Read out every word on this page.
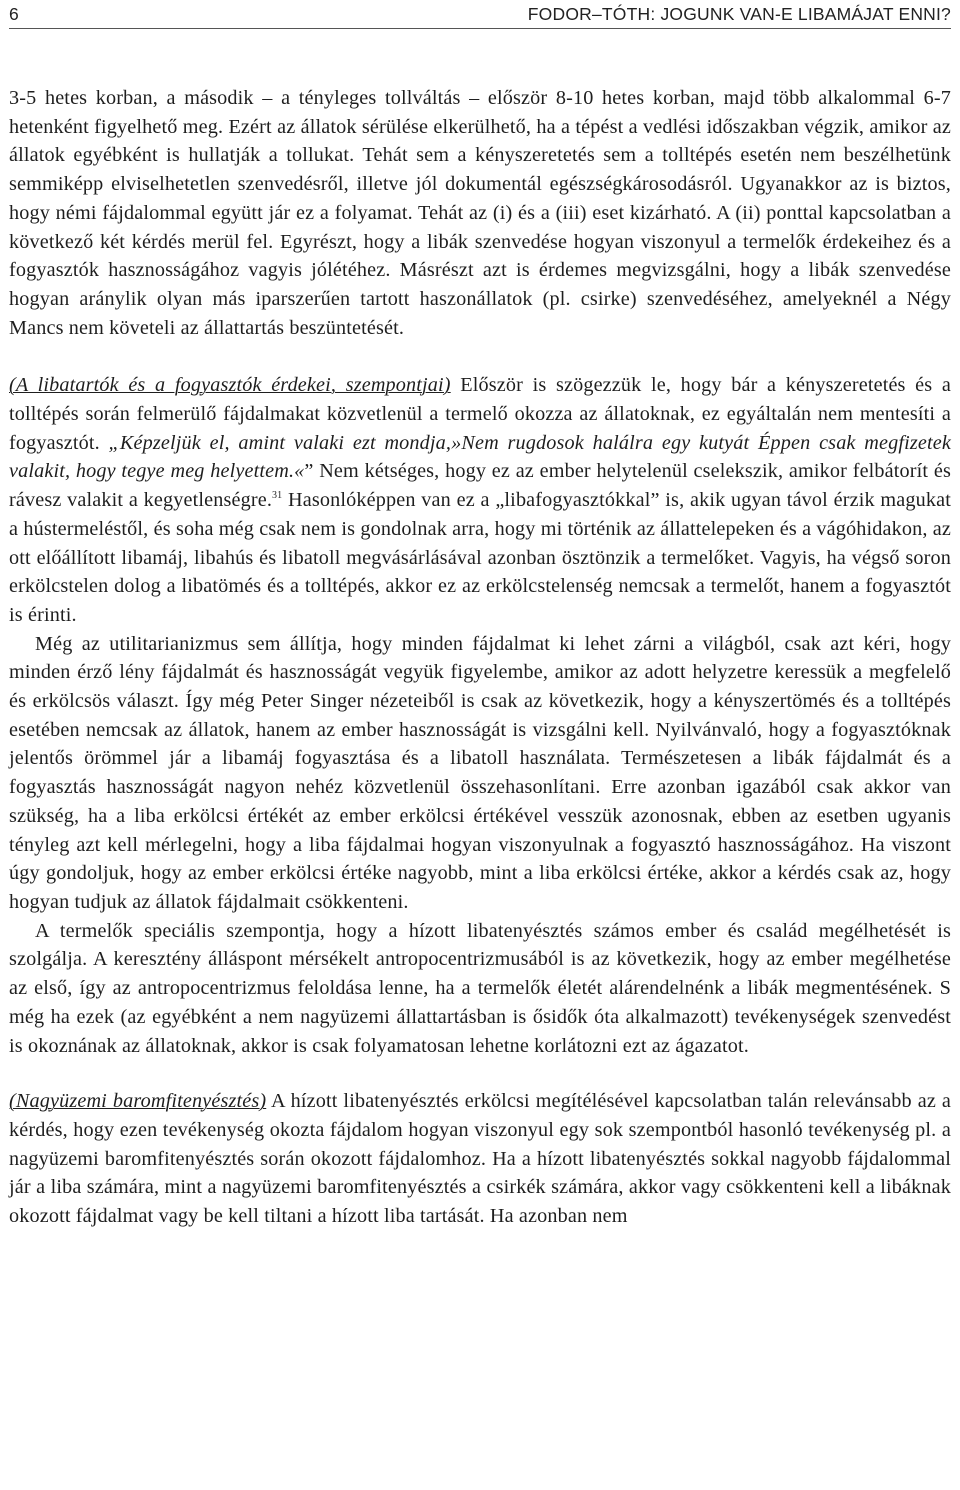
6	FODOR–TÓTH: JOGUNK VAN-E LIBAMÁJAT ENNI?

3-5 hetes korban, a második – a tényleges tollváltás – először 8-10 hetes korban, majd több alkalommal 6-7 hetenként figyelhető meg. Ezért az állatok sérülése elkerülhető, ha a tépést a vedlési időszakban végzik, amikor az állatok egyébként is hullatják a tollukat. Tehát sem a kényszeretetés sem a tolltépés esetén nem beszélhetünk semmiképp elviselhetetlen szenvedésről, illetve jól dokumentál egészségkárosodásról. Ugyanakkor az is biztos, hogy némi fájdalommal együtt jár ez a folyamat. Tehát az (i) és a (iii) eset kizárható. A (ii) ponttal kapcsolatban a következő két kérdés merül fel. Egyrészt, hogy a libák szenvedése hogyan viszonyul a termelők érdekeihez és a fogyasztók hasznosságához vagyis jólétéhez. Másrészt azt is érdemes megvizsgálni, hogy a libák szenvedése hogyan aránylik olyan más iparszerűen tartott haszonállatok (pl. csirke) szenvedéséhez, amelyeknél a Négy Mancs nem követeli az állattartás beszüntetését.

(A libatartók és a fogyasztók érdekei, szempontjai) Először is szögezzük le, hogy bár a kényszeretetés és a tolltépés során felmerülő fájdalmakat közvetlenül a termelő okozza az állatoknak, ez egyáltalán nem mentesíti a fogyasztót. „Képzeljük el, amint valaki ezt mondja,»Nem rugdosok halálra egy kutyát Éppen csak megfizetek valakit, hogy tegye meg helyettem.«” Nem kétséges, hogy ez az ember helytelenül cselekszik, amikor felbátorít és rávesz valakit a kegyetlenségre.$^{31}$ Hasonlóképpen van ez a „libafogyasztókkal” is, akik ugyan távol érzik magukat a hústermeléstől, és soha még csak nem is gondolnak arra, hogy mi történik az állattelepeken és a vágóhidakon, az ott előállított libamáj, libahús és libatoll megvásárlásával azonban ösztönzik a termelőket. Vagyis, ha végső soron erkölcstelen dolog a libatömés és a tolltépés, akkor ez az erkölcstelenség nemcsak a termelőt, hanem a fogyasztót is érinti.

Még az utilitarianizmus sem állítja, hogy minden fájdalmat ki lehet zárni a világból, csak azt kéri, hogy minden érző lény fájdalmát és hasznosságát vegyük figyelembe, amikor az adott helyzetre keressük a megfelelő és erkölcsös választ. Így még Peter Singer nézeteiből is csak az következik, hogy a kényszertömés és a tolltépés esetében nemcsak az állatok, hanem az ember hasznosságát is vizsgálni kell. Nyilvánvaló, hogy a fogyasztóknak jelentős örömmel jár a libamáj fogyasztása és a libatoll használata. Természetesen a libák fájdalmát és a fogyasztás hasznosságát nagyon nehéz közvetlenül összehasonlítani. Erre azonban igazából csak akkor van szükség, ha a liba erkölcsi értékét az ember erkölcsi értékével vesszük azonosnak, ebben az esetben ugyanis tényleg azt kell mérlegelni, hogy a liba fájdalmai hogyan viszonyulnak a fogyasztó hasznosságához. Ha viszont úgy gondoljuk, hogy az ember erkölcsi értéke nagyobb, mint a liba erkölcsi értéke, akkor a kérdés csak az, hogy hogyan tudjuk az állatok fájdalmait csökkenteni.

A termelők speciális szempontja, hogy a hízott libatenyésztés számos ember és család megélhetését is szolgálja. A keresztény álláspont mérsékelt antropocentrizmusából is az következik, hogy az ember megélhetése az első, így az antropocentrizmus feloldása lenne, ha a termelők életét alárendelnénk a libák megmentésének. S még ha ezek (az egyébként a nem nagyüzemi állattartásban is ősidők óta alkalmazott) tevékenységek szenvedést is okoznának az állatoknak, akkor is csak folyamatosan lehetne korlátozni ezt az ágazatot.

(Nagyüzemi baromfitenyésztés) A hízott libatenyésztés erkölcsi megítélésével kapcsolatban talán relevánsabb az a kérdés, hogy ezen tevékenység okozta fájdalom hogyan viszonyul egy sok szempontból hasonló tevékenység pl. a nagyüzemi baromfitenyésztés során okozott fájdalomhoz. Ha a hízott libatenyésztés sokkal nagyobb fájdalommal jár a liba számára, mint a nagyüzemi baromfitenyésztés a csirkék számára, akkor vagy csökkenteni kell a libáknak okozott fájdalmat vagy be kell tiltani a hízott liba tartását. Ha azonban nem
